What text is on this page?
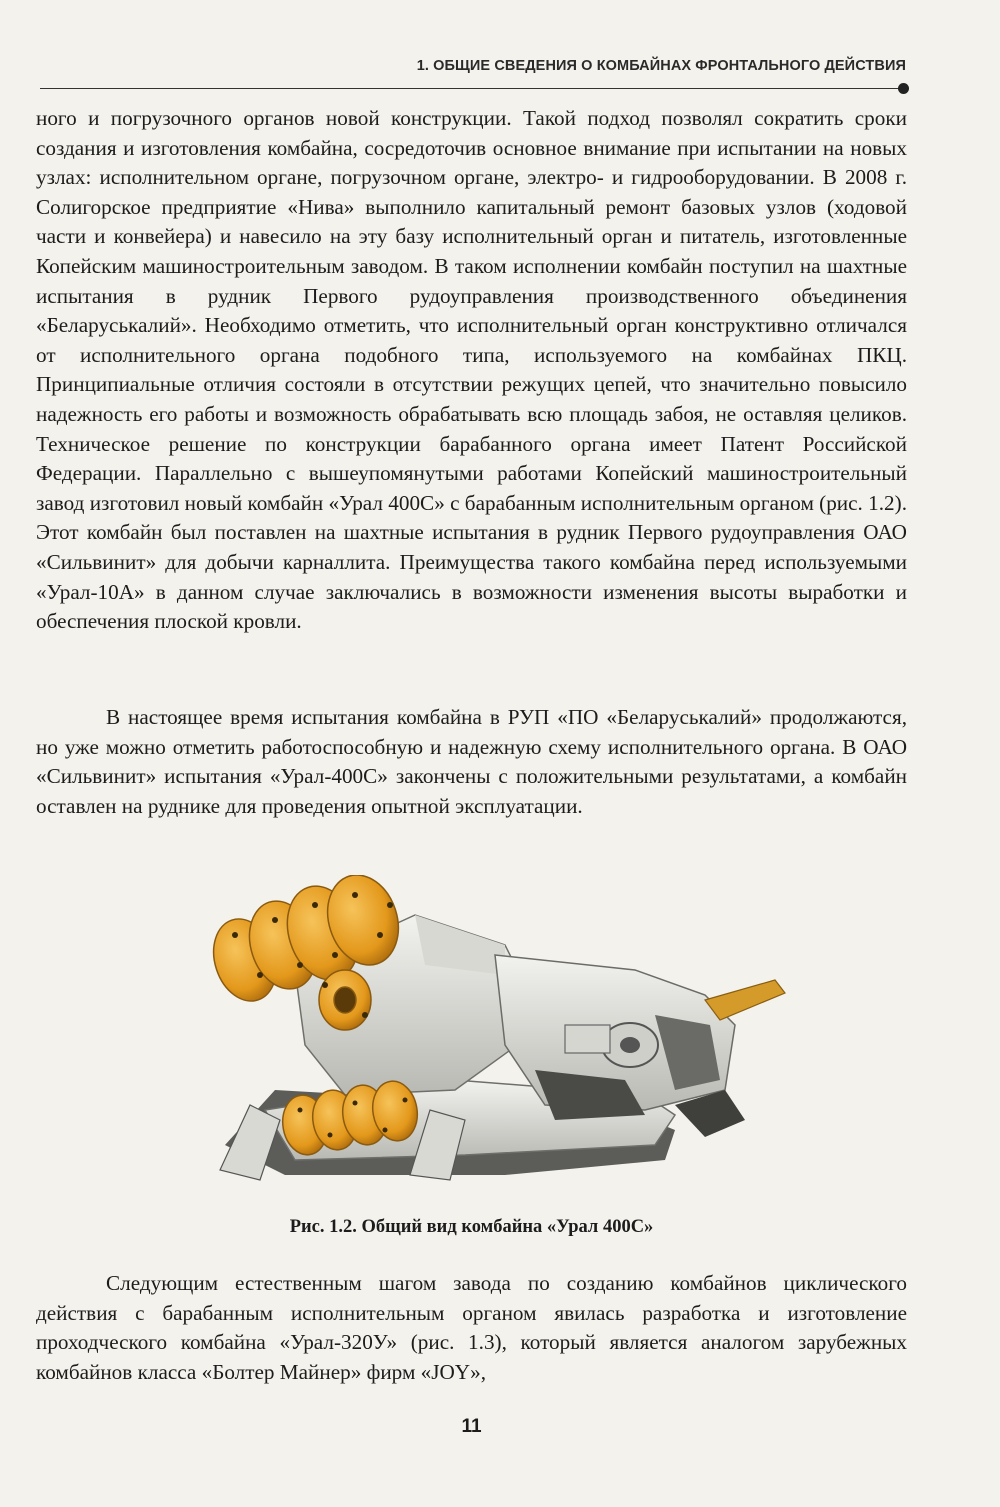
1. ОБЩИЕ СВЕДЕНИЯ О КОМБАЙНАХ ФРОНТАЛЬНОГО ДЕЙСТВИЯ

ного и погрузочного органов новой конструкции. Такой подход позволял сократить сроки создания и изготовления комбайна, сосредоточив основное внимание при испытании на новых узлах: исполнительном органе, погрузочном органе, электро- и гидрооборудовании. В 2008 г. Солигорское предприятие «Нива» выполнило капитальный ремонт базовых узлов (ходовой части и конвейера) и навесило на эту базу исполнительный орган и питатель, изготовленные Копейским машиностроительным заводом. В таком исполнении комбайн поступил на шахтные испытания в рудник Первого рудоуправления производственного объединения «Беларуськалий». Необходимо отметить, что исполнительный орган конструктивно отличался от исполнительного органа подобного типа, используемого на комбайнах ПКЦ. Принципиальные отличия состояли в отсутствии режущих цепей, что значительно повысило надежность его работы и возможность обрабатывать всю площадь забоя, не оставляя целиков. Техническое решение по конструкции барабанного органа имеет Патент Российской Федерации. Параллельно с вышеупомянутыми работами Копейский машиностроительный завод изготовил новый комбайн «Урал 400С» с барабанным исполнительным органом (рис. 1.2). Этот комбайн был поставлен на шахтные испытания в рудник Первого рудоуправления ОАО «Сильвинит» для добычи карналлита. Преимущества такого комбайна перед используемыми «Урал-10А» в данном случае заключались в возможности изменения высоты выработки и обеспечения плоской кровли.

В настоящее время испытания комбайна в РУП «ПО «Беларуськалий» продолжаются, но уже можно отметить работоспособную и надежную схему исполнительного органа. В ОАО «Сильвинит» испытания «Урал-400С» закончены с положительными результатами, а комбайн оставлен на руднике для проведения опытной эксплуатации.

Рис. 1.2. Общий вид комбайна «Урал 400С»

Следующим естественным шагом завода по созданию комбайнов циклического действия с барабанным исполнительным органом явилась разработка и изготовление проходческого комбайна «Урал-320У» (рис. 1.3), который является аналогом зарубежных комбайнов класса «Болтер Майнер» фирм «JOY»,

11
